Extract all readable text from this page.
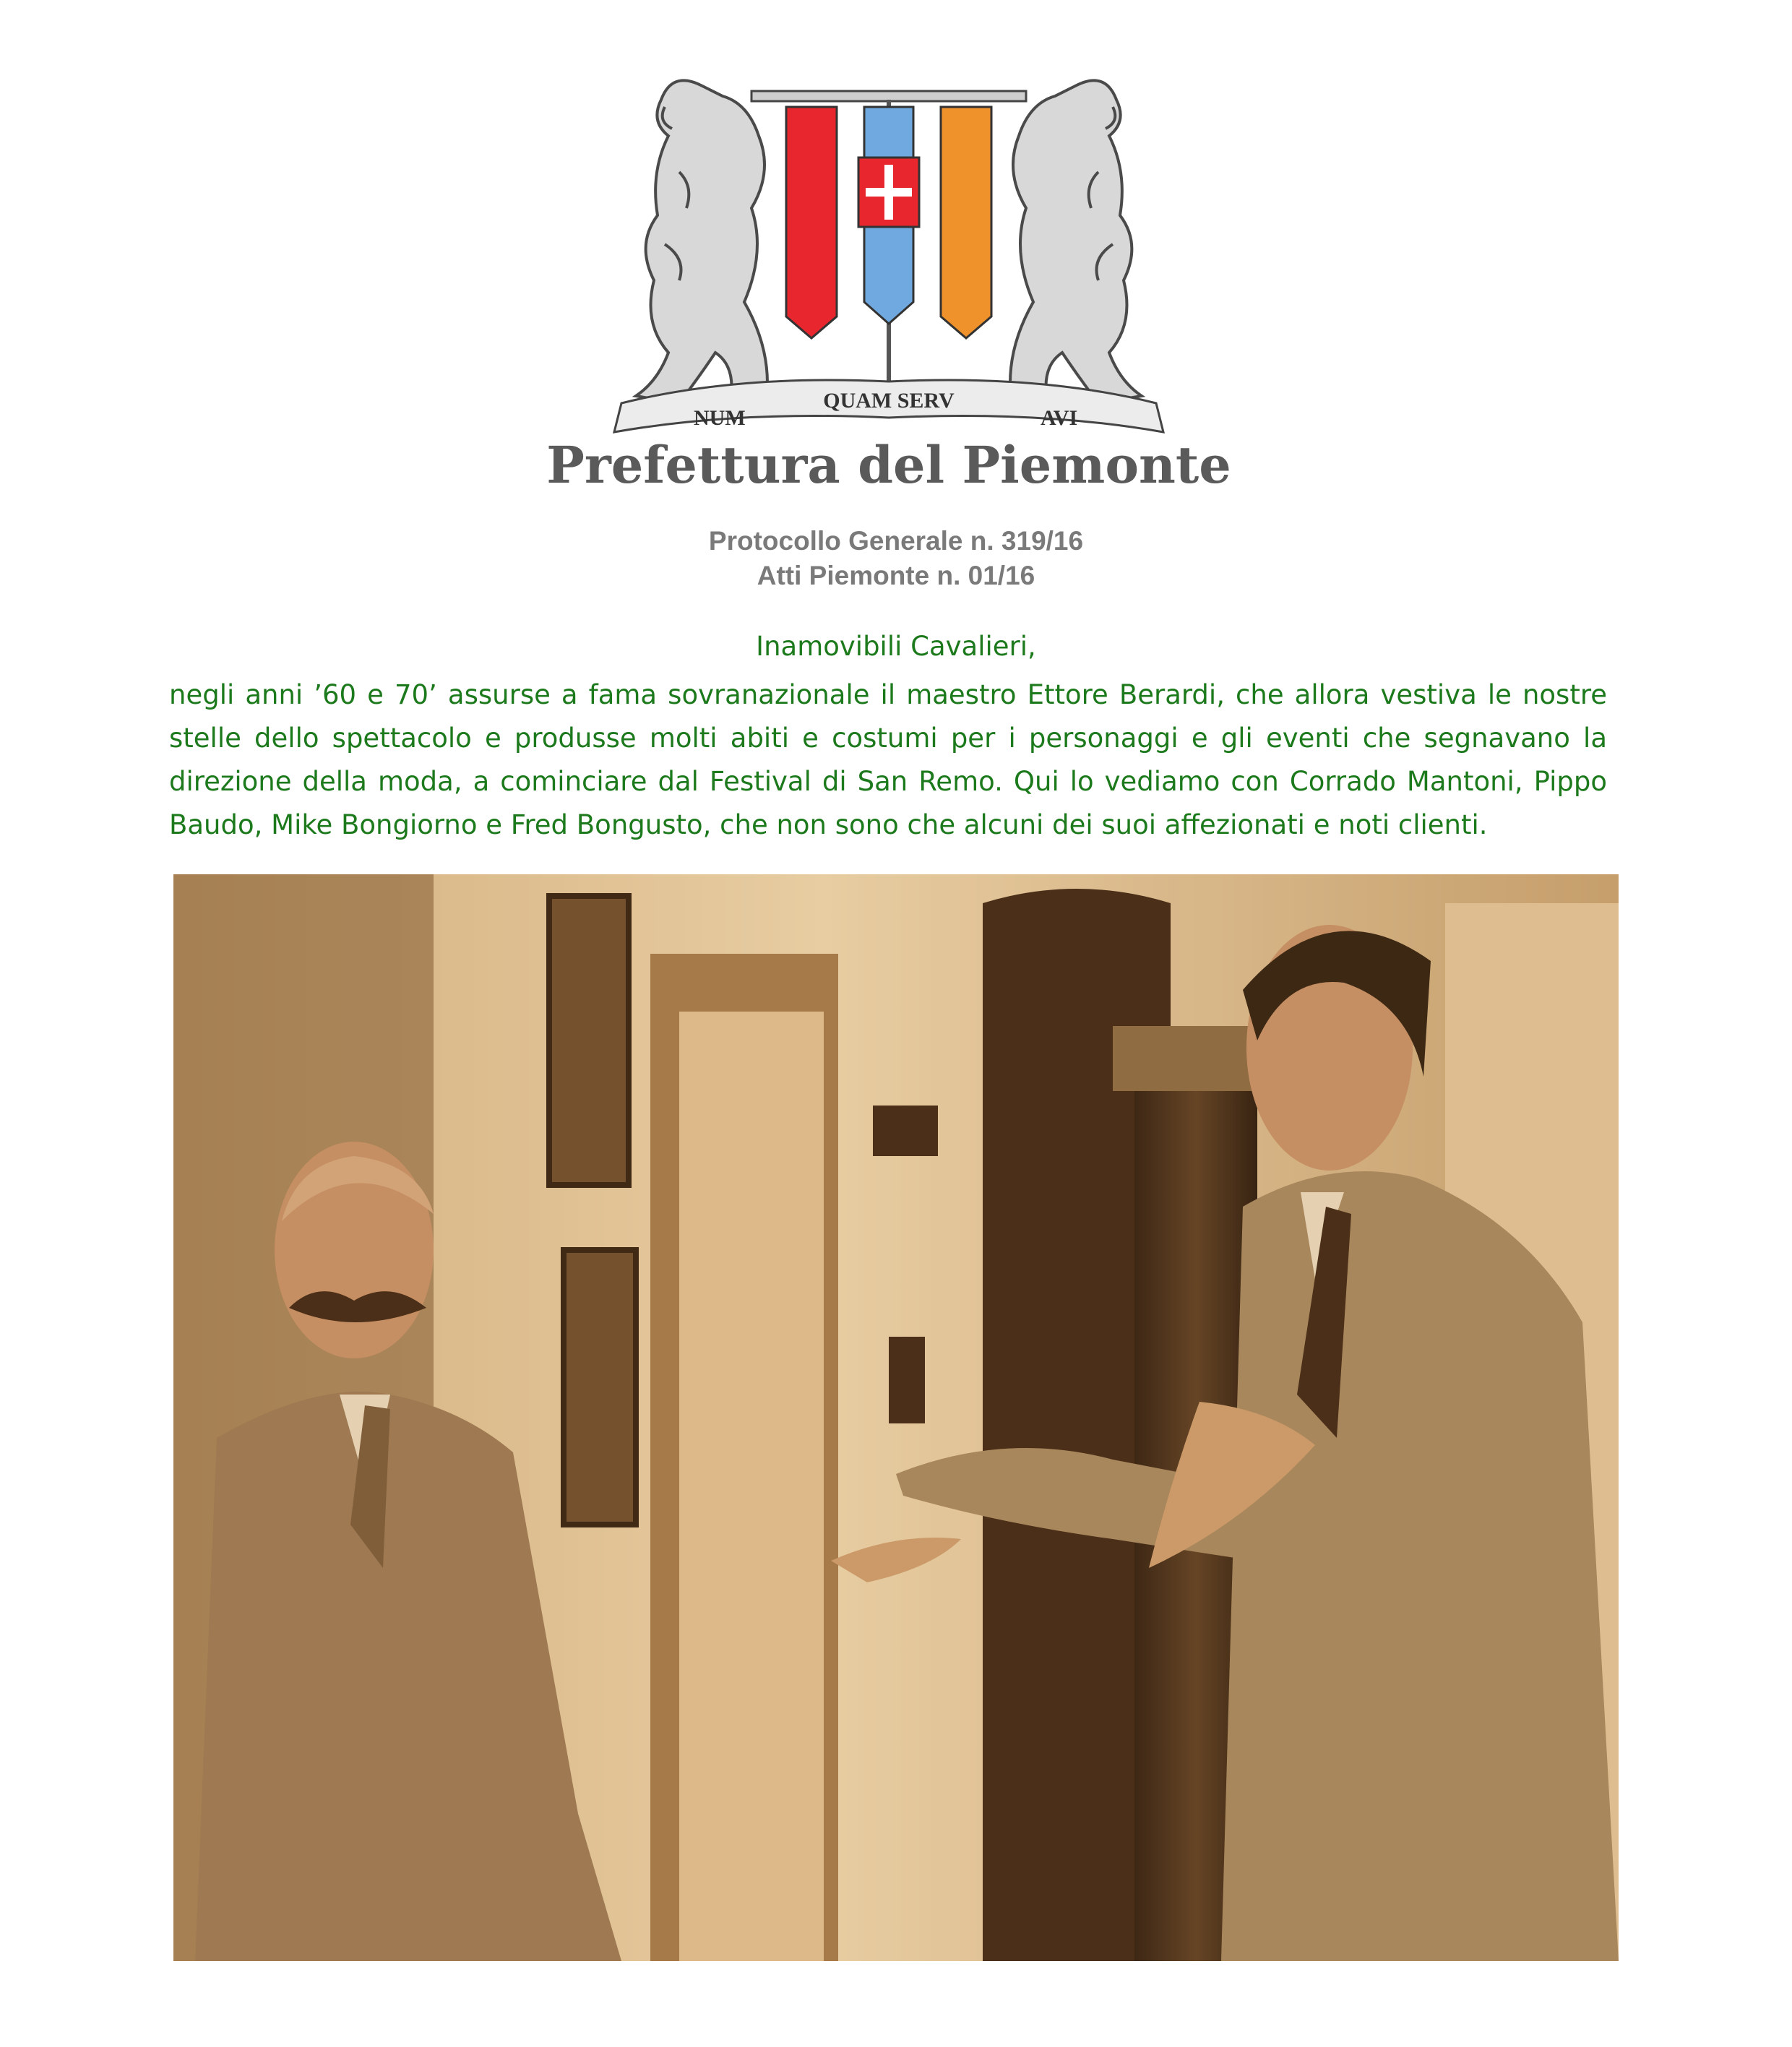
NUM
QUAM SERV
AVI
Prefettura del Piemonte
Protocollo Generale n. 319/16
Atti Piemonte n. 01/16
Inamovibili Cavalieri,
negli anni ’60 e 70’ assurse a fama sovranazionale il maestro Ettore Berardi, che allora vestiva le nostre stelle dello spettacolo e produsse molti abiti e costumi per i personaggi e gli eventi che segnavano la direzione della moda, a cominciare dal Festival di San Remo. Qui lo vediamo con Corrado Mantoni, Pippo Baudo, Mike Bongiorno e Fred Bongusto, che non sono che alcuni dei suoi affezionati e noti clienti.
